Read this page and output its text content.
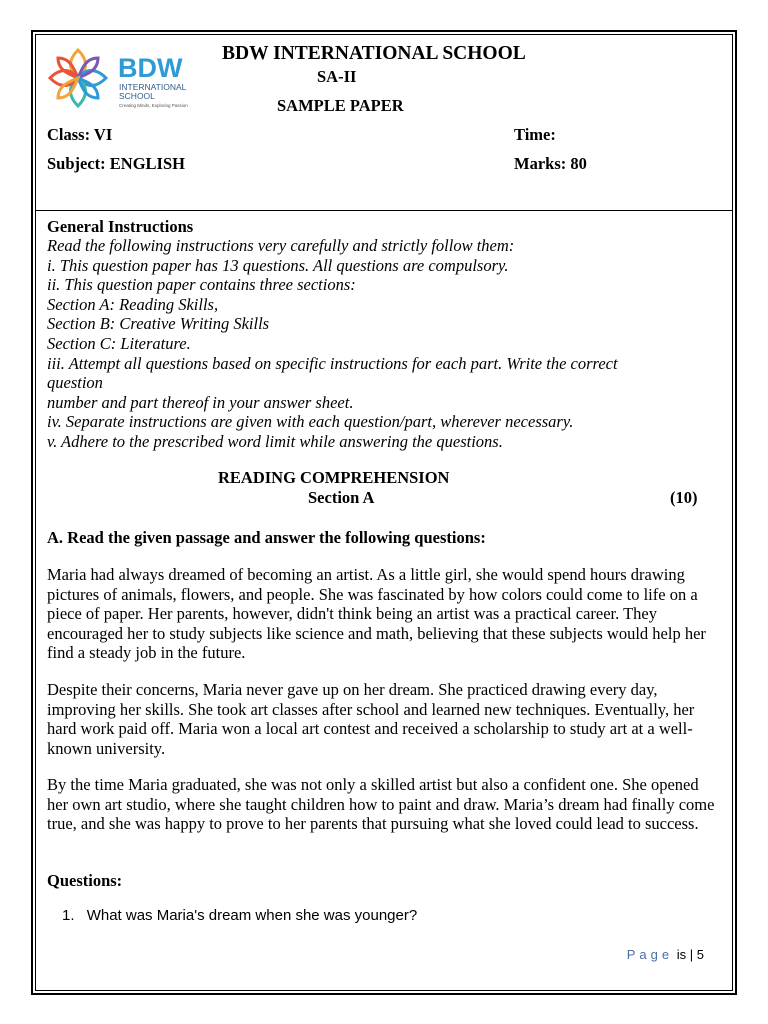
BDW
INTERNATIONAL
SCHOOL
Creating Minds, Exploring Passion
BDW INTERNATIONAL SCHOOL
SA-II
SAMPLE PAPER
Class: VI	Time:
Subject: ENGLISH	Marks: 80
General Instructions
Read the following instructions very carefully and strictly follow them:
i. This question paper has 13 questions. All questions are compulsory.
ii. This question paper contains three sections:
Section A: Reading Skills,
Section B: Creative Writing Skills
Section C: Literature.
iii. Attempt all questions based on specific instructions for each part. Write the correct
question
number and part thereof in your answer sheet.
iv. Separate instructions are given with each question/part, wherever necessary.
v. Adhere to the prescribed word limit while answering the questions.
READING COMPREHENSION
Section A	(10)
A. Read the given passage and answer the following questions:
Maria had always dreamed of becoming an artist. As a little girl, she would spend hours drawing pictures of animals, flowers, and people. She was fascinated by how colors could come to life on a piece of paper. Her parents, however, didn't think being an artist was a practical career. They encouraged her to study subjects like science and math, believing that these subjects would help her find a steady job in the future.
Despite their concerns, Maria never gave up on her dream. She practiced drawing every day, improving her skills. She took art classes after school and learned new techniques. Eventually, her hard work paid off. Maria won a local art contest and received a scholarship to study art at a well-known university.
By the time Maria graduated, she was not only a skilled artist but also a confident one. She opened her own art studio, where she taught children how to paint and draw. Maria’s dream had finally come true, and she was happy to prove to her parents that pursuing what she loved could lead to success.
Questions:
1. What was Maria's dream when she was younger?
Page is | 5
